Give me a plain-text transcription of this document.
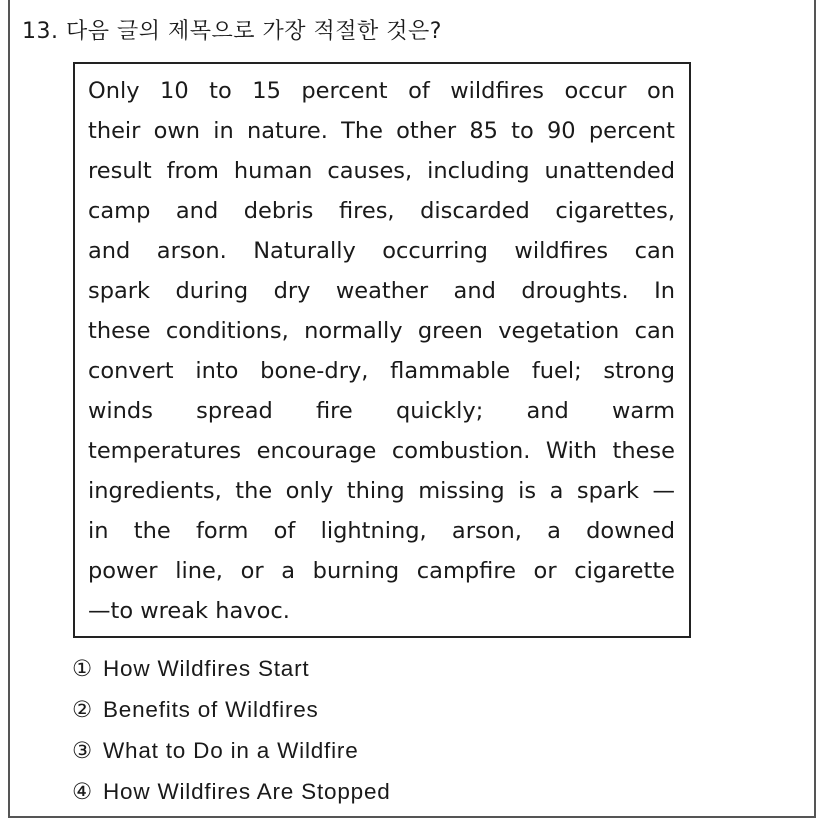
13. 다음 글의 제목으로 가장 적절한 것은?
Only 10 to 15 percent of wildfires occur on
their own in nature. The other 85 to 90 percent
result from human causes, including unattended
camp and debris fires, discarded cigarettes,
and arson. Naturally occurring wildfires can
spark during dry weather and droughts. In
these conditions, normally green vegetation can
convert into bone-dry, flammable fuel; strong
winds spread fire quickly; and warm
temperatures encourage combustion. With these
ingredients, the only thing missing is a spark —
in the form of lightning, arson, a downed
power line, or a burning campfire or cigarette
—to wreak havoc.
① How Wildfires Start
② Benefits of Wildfires
③ What to Do in a Wildfire
④ How Wildfires Are Stopped
